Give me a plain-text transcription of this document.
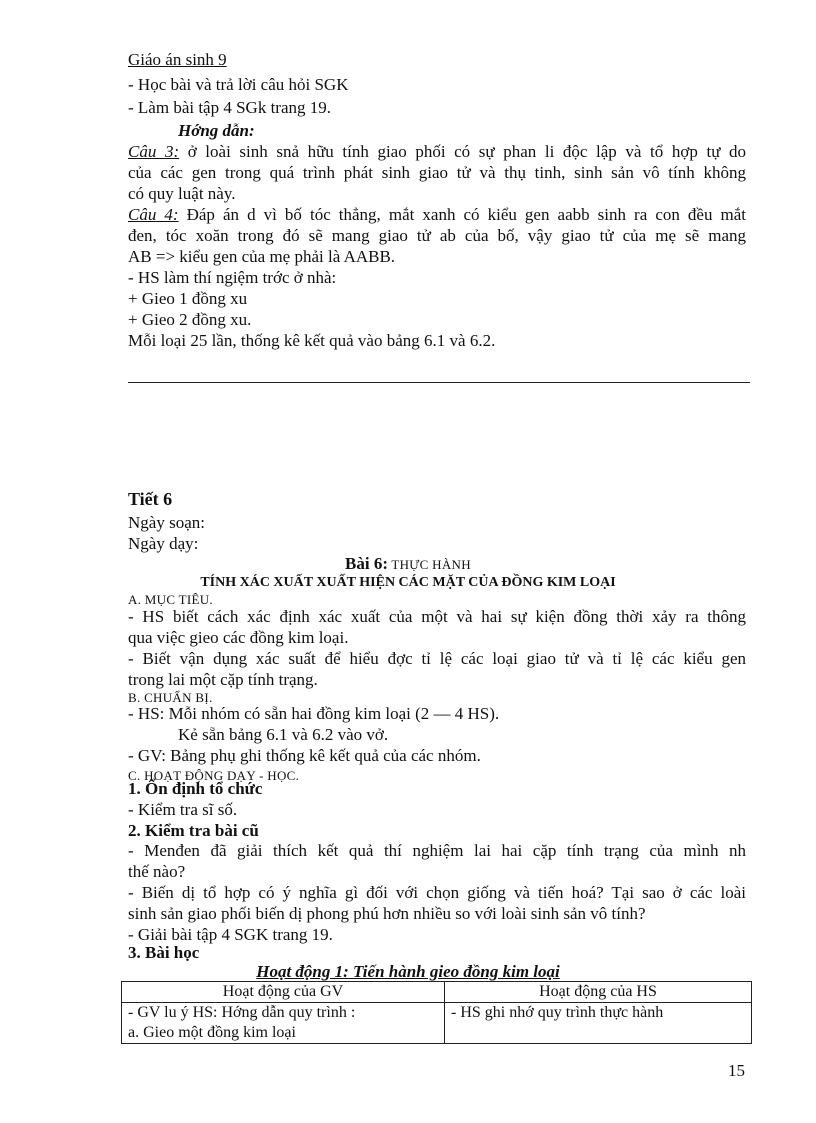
Giáo án sinh 9
- Học bài và trả lời câu hỏi SGK
- Làm bài tập 4 SGk trang 19.
Hớng dẫn:
Câu 3: ở loài sinh snả hữu tính giao phối có sự phan li độc lập và tổ hợp tự do
của các gen trong quá trình phát sinh giao tử và thụ tinh, sinh sản vô tính không
có quy luật này.
Câu 4: Đáp án d vì bố tóc thẳng, mắt xanh có kiểu gen aabb sinh ra con đều mắt
đen, tóc xoăn trong đó sẽ mang giao tử ab của bố, vậy giao tử của mẹ sẽ mang
AB => kiểu gen của mẹ phải là AABB.
- HS làm thí ngiệm trớc ở nhà:
+ Gieo 1 đồng xu
+ Gieo 2 đồng xu.
Mỗi loại 25 lần, thống kê kết quả vào bảng 6.1 và 6.2.
Tiết 6
Ngày soạn:
Ngày dạy:
Bài 6: THỰC HÀNH
TÍNH XÁC XUẤT XUẤT HIỆN CÁC MẶT CỦA ĐỒNG KIM LOẠI
A. MỤC TIÊU.
- HS biết cách xác định xác xuất của một và hai sự kiện đồng thời xảy ra thông
qua việc gieo các đồng kim loại.
- Biết vận dụng xác suất để hiểu đợc tỉ lệ các loại giao tử và tỉ lệ các kiểu gen
trong lai một cặp tính trạng.
B. CHUẨN BỊ.
- HS: Mỗi nhóm có sẵn hai đồng kim loại (2 — 4 HS).
Kẻ sẵn bảng 6.1 và 6.2 vào vở.
- GV: Bảng phụ ghi thống kê kết quả của các nhóm.
C. HOẠT ĐỘNG DẠY - HỌC.
1. Ổn định tổ chức
- Kiểm tra sĩ số.
2. Kiểm tra bài cũ
- Menđen đã giải thích kết quả thí nghiệm lai hai cặp tính trạng của mình nh
thế nào?
- Biến dị tổ hợp có ý nghĩa gì đối với chọn giống và tiến hoá? Tại sao ở các loài
sinh sản giao phối biến dị phong phú hơn nhiều so với loài sinh sản vô tính?
- Giải bài tập 4 SGK trang 19.
3. Bài học
Hoạt động 1: Tiến hành gieo đồng kim loại
Hoạt động của GV	Hoạt động của HS

- GV lu ý HS: Hớng dẫn quy trình :
a. Gieo một đồng kim loại	- HS ghi nhớ quy trình thực hành
15
